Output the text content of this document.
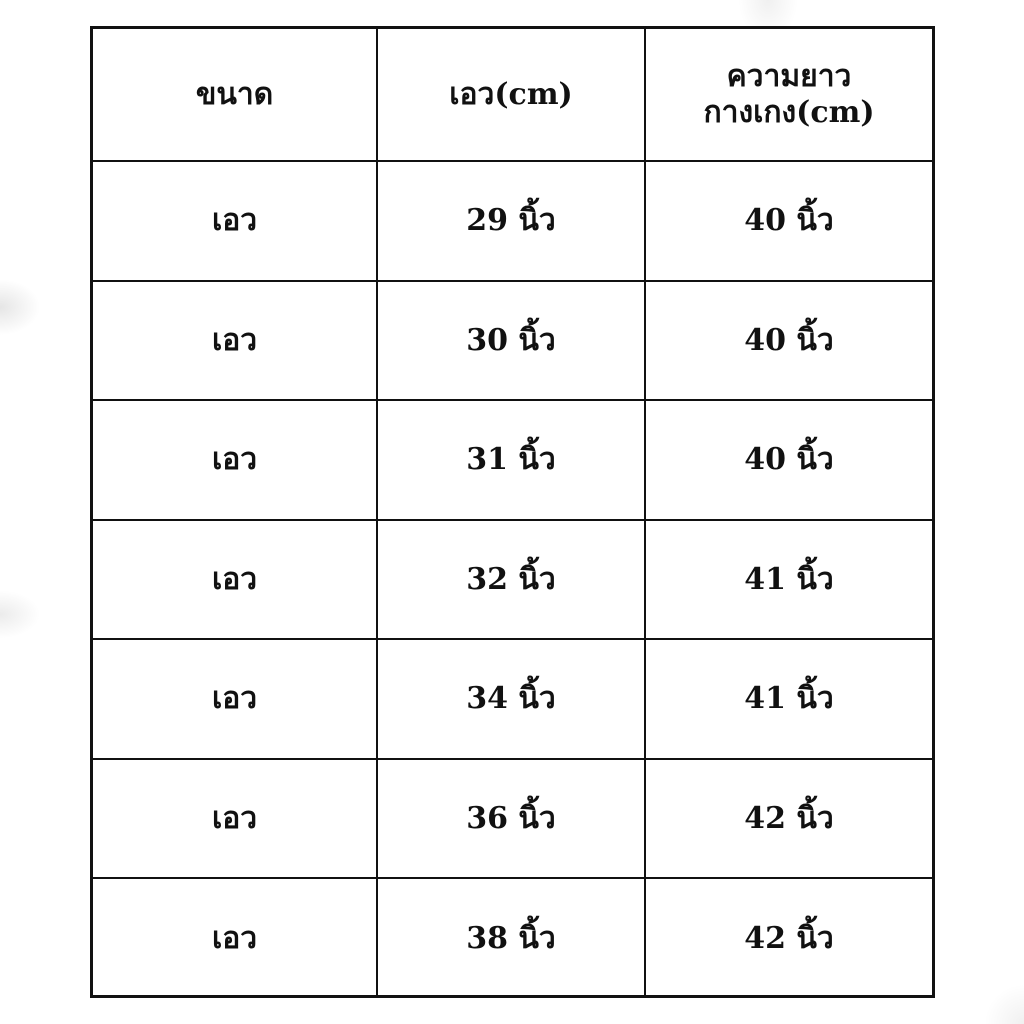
ขนาด	เอว(cm)	ความยาว
กางเกง(cm)

เอว	29 นิ้ว	40 นิ้ว
เอว	30 นิ้ว	40 นิ้ว
เอว	31 นิ้ว	40 นิ้ว
เอว	32 นิ้ว	41 นิ้ว
เอว	34 นิ้ว	41 นิ้ว
เอว	36 นิ้ว	42 นิ้ว
เอว	38 นิ้ว	42 นิ้ว
